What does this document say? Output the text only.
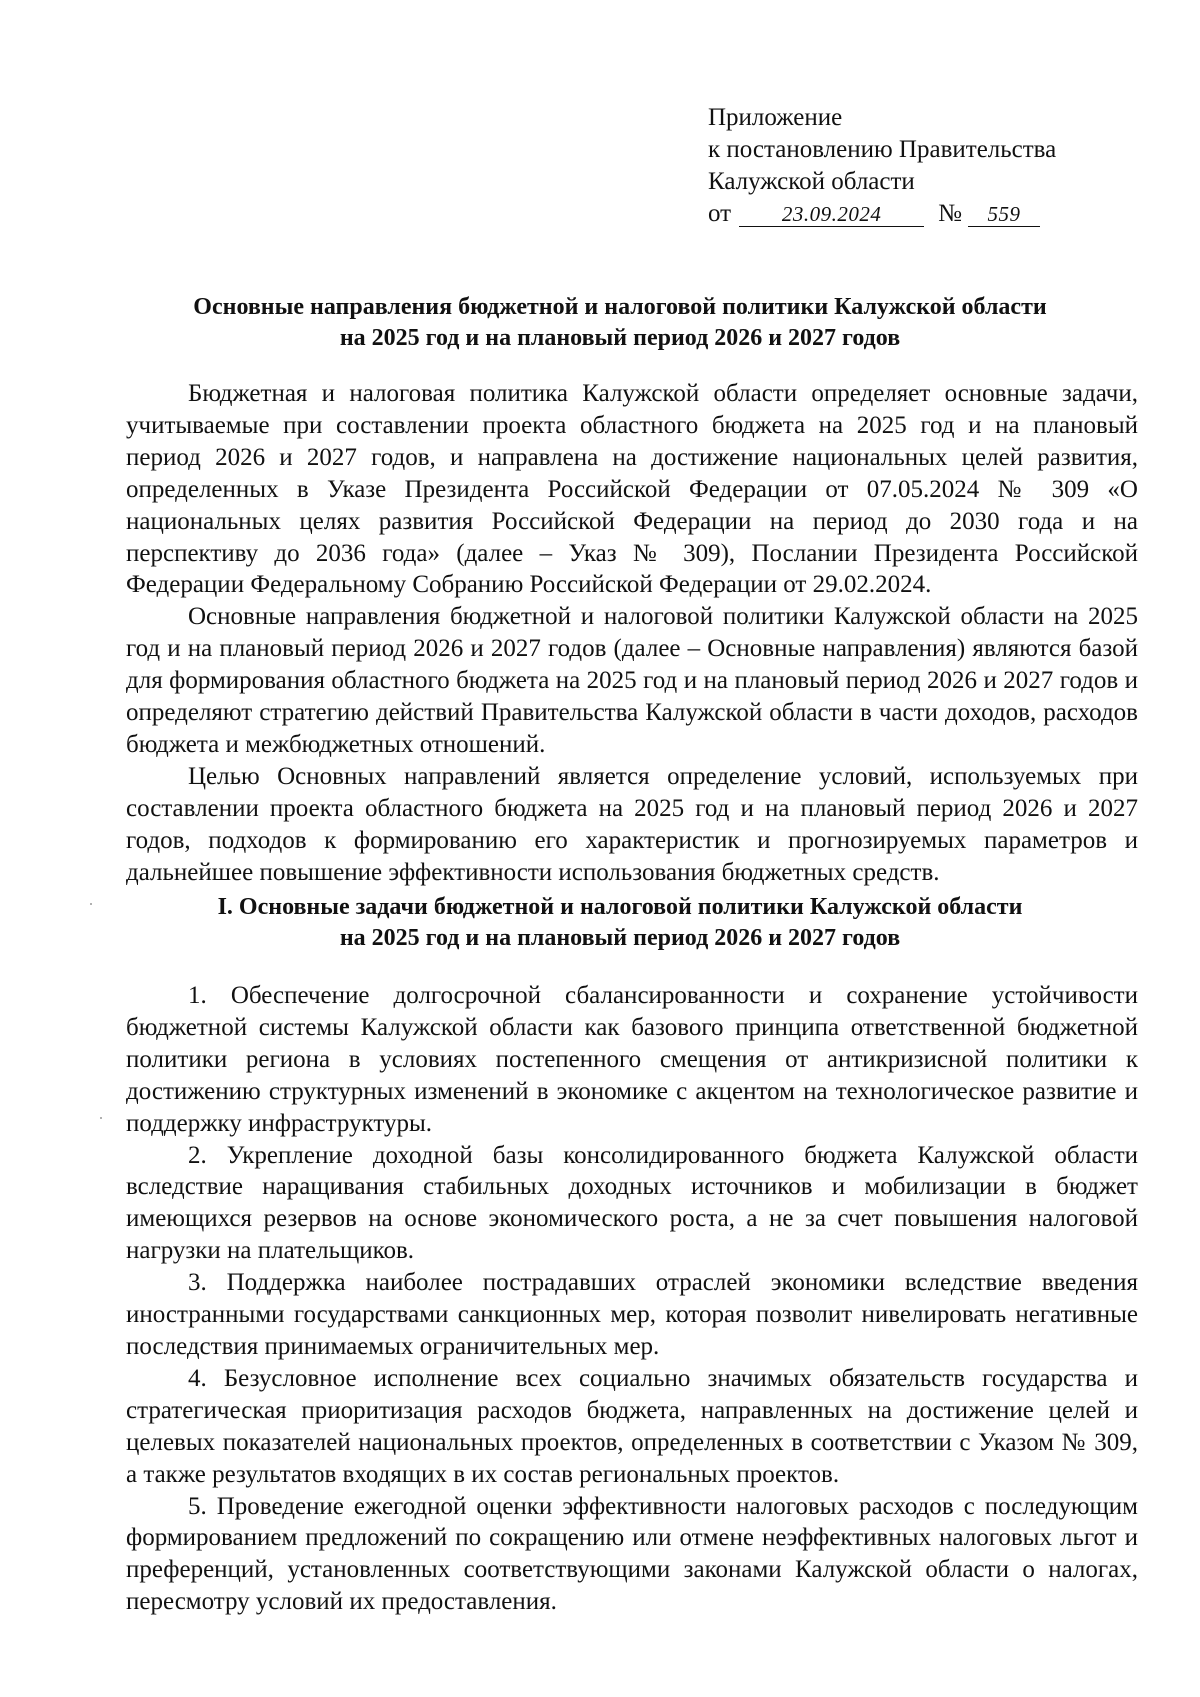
Приложение
к постановлению Правительства
Калужской области
от 23.09.2024 № 559
Основные направления бюджетной и налоговой политики Калужской области
на 2025 год и на плановый период 2026 и 2027 годов

Бюджетная и налоговая политика Калужской области определяет основные задачи, учитываемые при составлении проекта областного бюджета на 2025 год и на плановый период 2026 и 2027 годов, и направлена на достижение национальных целей развития, определенных в Указе Президента Российской Федерации от 07.05.2024 № 309 «О национальных целях развития Российской Федерации на период до 2030 года и на перспективу до 2036 года» (далее – Указ № 309), Послании Президента Российской Федерации Федеральному Собранию Российской Федерации от 29.02.2024.

Основные направления бюджетной и налоговой политики Калужской области на 2025 год и на плановый период 2026 и 2027 годов (далее – Основные направления) являются базой для формирования областного бюджета на 2025 год и на плановый период 2026 и 2027 годов и определяют стратегию действий Правительства Калужской области в части доходов, расходов бюджета и межбюджетных отношений.

Целью Основных направлений является определение условий, используемых при составлении проекта областного бюджета на 2025 год и на плановый период 2026 и 2027 годов, подходов к формированию его характеристик и прогнозируемых параметров и дальнейшее повышение эффективности использования бюджетных средств.

I. Основные задачи бюджетной и налоговой политики Калужской области
на 2025 год и на плановый период 2026 и 2027 годов

1. Обеспечение долгосрочной сбалансированности и сохранение устойчивости бюджетной системы Калужской области как базового принципа ответственной бюджетной политики региона в условиях постепенного смещения от антикризисной политики к достижению структурных изменений в экономике с акцентом на технологическое развитие и поддержку инфраструктуры.

2. Укрепление доходной базы консолидированного бюджета Калужской области вследствие наращивания стабильных доходных источников и мобилизации в бюджет имеющихся резервов на основе экономического роста, а не за счет повышения налоговой нагрузки на плательщиков.

3. Поддержка наиболее пострадавших отраслей экономики вследствие введения иностранными государствами санкционных мер, которая позволит нивелировать негативные последствия принимаемых ограничительных мер.

4. Безусловное исполнение всех социально значимых обязательств государства и стратегическая приоритизация расходов бюджета, направленных на достижение целей и целевых показателей национальных проектов, определенных в соответствии с Указом № 309, а также результатов входящих в их состав региональных проектов.

5. Проведение ежегодной оценки эффективности налоговых расходов с последующим формированием предложений по сокращению или отмене неэффективных налоговых льгот и преференций, установленных соответствующими законами Калужской области о налогах, пересмотру условий их предоставления.
